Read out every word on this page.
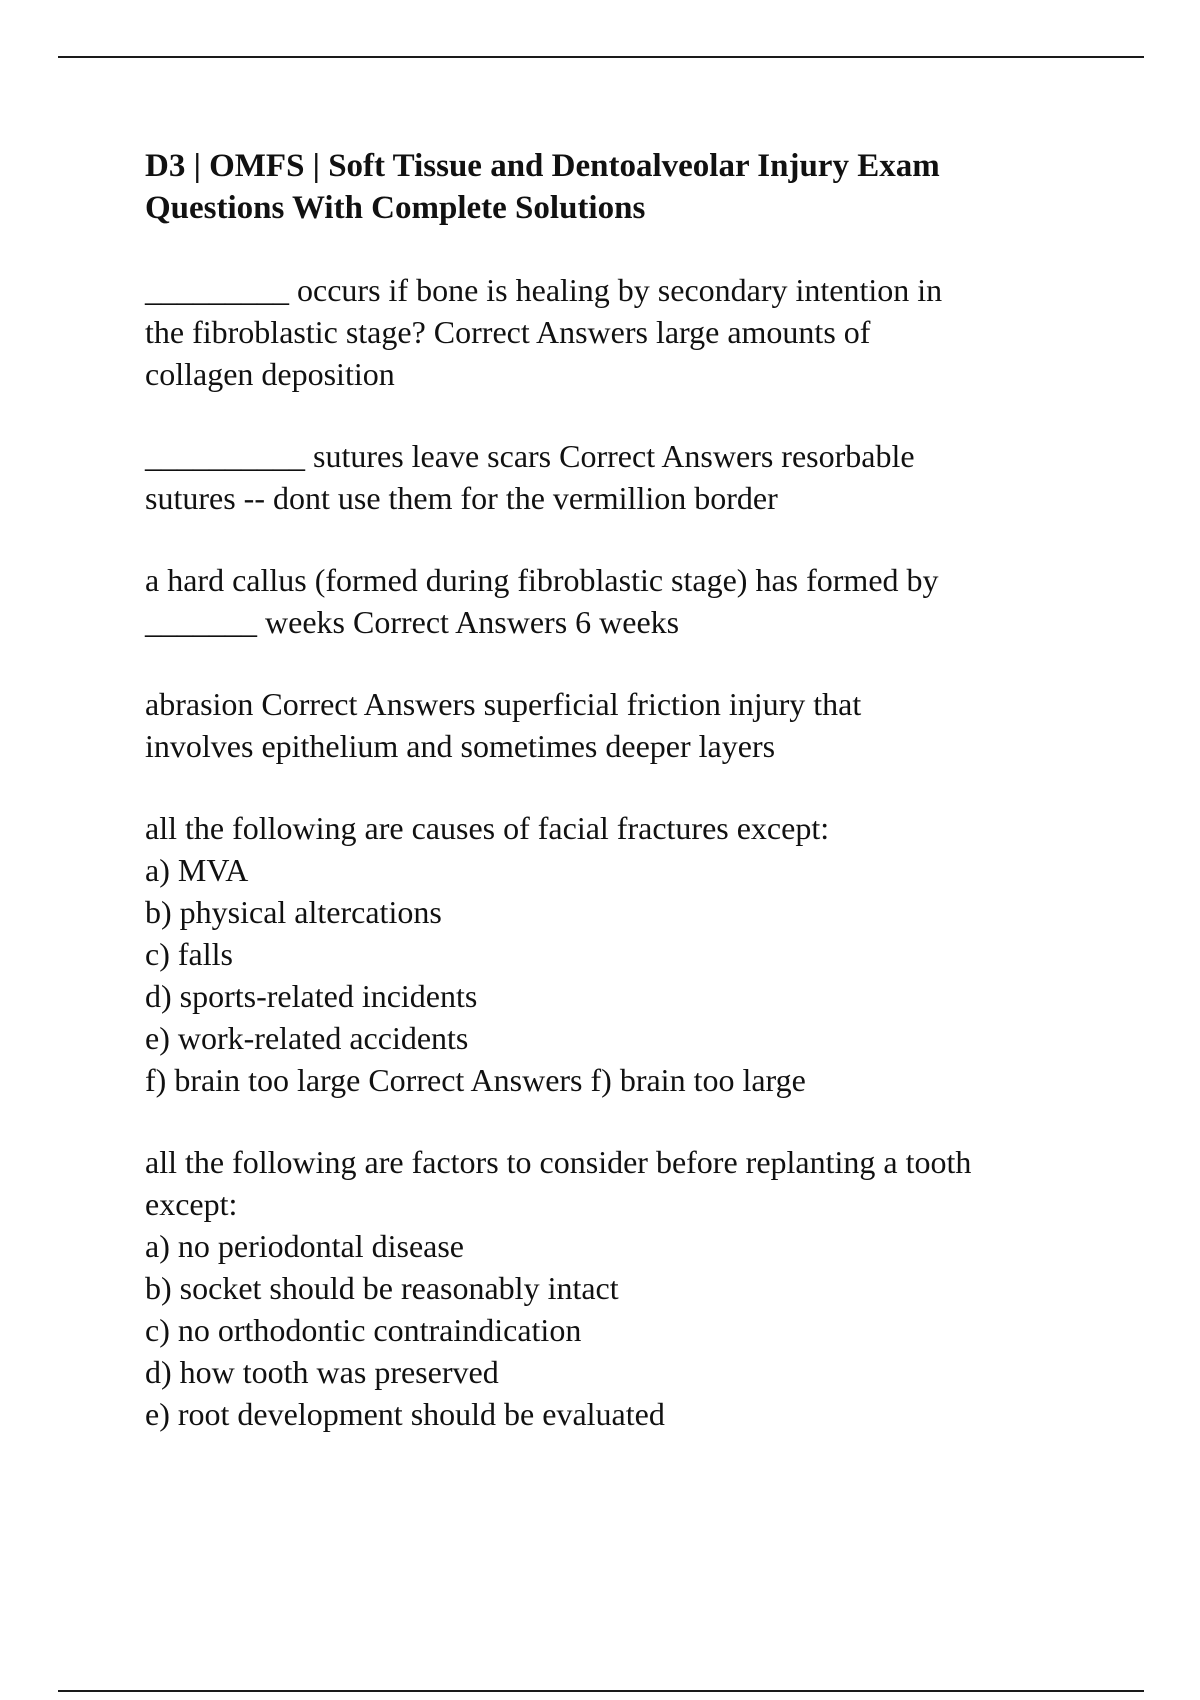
D3 | OMFS | Soft Tissue and Dentoalveolar Injury Exam
Questions With Complete Solutions
_________ occurs if bone is healing by secondary intention in
the fibroblastic stage? Correct Answers large amounts of
collagen deposition
__________ sutures leave scars Correct Answers resorbable
sutures -- dont use them for the vermillion border
a hard callus (formed during fibroblastic stage) has formed by
_______ weeks Correct Answers 6 weeks
abrasion Correct Answers superficial friction injury that
involves epithelium and sometimes deeper layers
all the following are causes of facial fractures except:
a) MVA
b) physical altercations
c) falls
d) sports-related incidents
e) work-related accidents
f) brain too large Correct Answers f) brain too large
all the following are factors to consider before replanting a tooth
except:
a) no periodontal disease
b) socket should be reasonably intact
c) no orthodontic contraindication
d) how tooth was preserved
e) root development should be evaluated
